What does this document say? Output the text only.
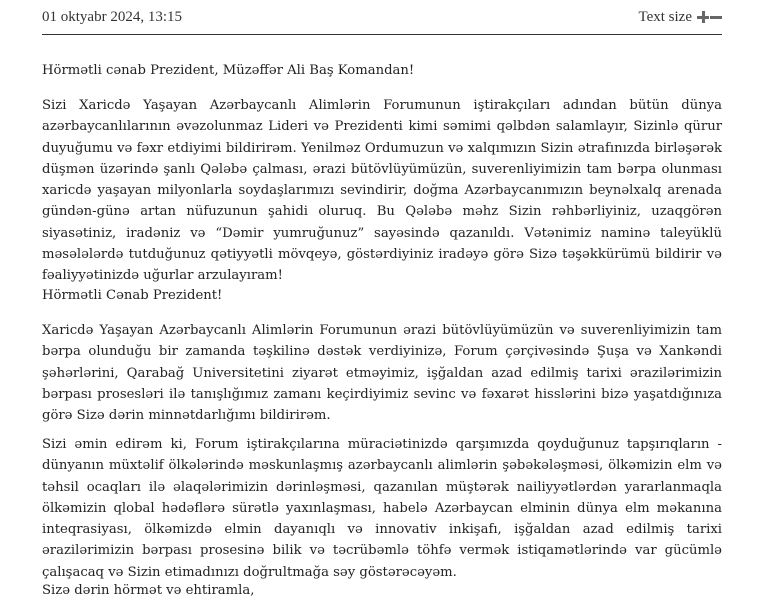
01 oktyabr 2024, 13:15	Text size

Hörmətli cənab Prezident, Müzəffər Ali Baş Komandan!

Sizi Xaricdə Yaşayan Azərbaycanlı Alimlərin Forumunun iştirakçıları adından bütün dünya azərbaycanlılarının əvəzolunmaz Lideri və Prezidenti kimi səmimi qəlbdən salamlayır, Sizinlə qürur duyuğumu və fəxr etdiyimi bildirirəm. Yenilməz Ordumuzun və xalqımızın Sizin ətrafınızda birləşərək düşmən üzərində şanlı Qələbə çalması, ərazi bütövlüyümüzün, suverenliyimizin tam bərpa olunması xaricdə yaşayan milyonlarla soydaşlarımızı sevindirir, doğma Azərbaycanımızın beynəlxalq arenada gündən-günə artan nüfuzunun şahidi oluruq. Bu Qələbə məhz Sizin rəhbərliyiniz, uzaqgörən siyasətiniz, iradəniz və “Dəmir yumruğunuz” sayəsində qazanıldı. Vətənimiz naminə taleyüklü məsələlərdə tutduğunuz qətiyyətli mövqeyə, göstərdiyiniz iradəyə görə Sizə təşəkkürümü bildirir və fəaliyyətinizdə uğurlar arzulayıram!

Hörmətli Cənab Prezident!

Xaricdə Yaşayan Azərbaycanlı Alimlərin Forumunun ərazi bütövlüyümüzün və suverenliyimizin tam bərpa olunduğu bir zamanda təşkilinə dəstək verdiyinizə, Forum çərçivəsində Şuşa və Xankəndi şəhərlərini, Qarabağ Universitetini ziyarət etməyimiz, işğaldan azad edilmiş tarixi ərazilərimizin bərpası prosesləri ilə tanışlığımız zamanı keçirdiyimiz sevinc və fəxarət hisslərini bizə yaşatdığınıza görə Sizə dərin minnətdarlığımı bildirirəm.

Sizi əmin edirəm ki, Forum iştirakçılarına müraciətinizdə qarşımızda qoyduğunuz tapşırıqların - dünyanın müxtəlif ölkələrində məskunlaşmış azərbaycanlı alimlərin şəbəkələşməsi, ölkəmizin elm və təhsil ocaqları ilə əlaqələrimizin dərinləşməsi, qazanılan müştərək nailiyyətlərdən yararlanmaqla ölkəmizin qlobal hədəflərə sürətlə yaxınlaşması, habelə Azərbaycan elminin dünya elm məkanına inteqrasiyası, ölkəmizdə elmin dayanıqlı və innovativ inkişafı, işğaldan azad edilmiş tarixi ərazilərimizin bərpası prosesinə bilik və təcrübəmlə töhfə vermək istiqamətlərində var gücümlə çalışacaq və Sizin etimadınızı doğrultmağa səy göstərəcəyəm.

Sizə dərin hörmət və ehtiramla,
